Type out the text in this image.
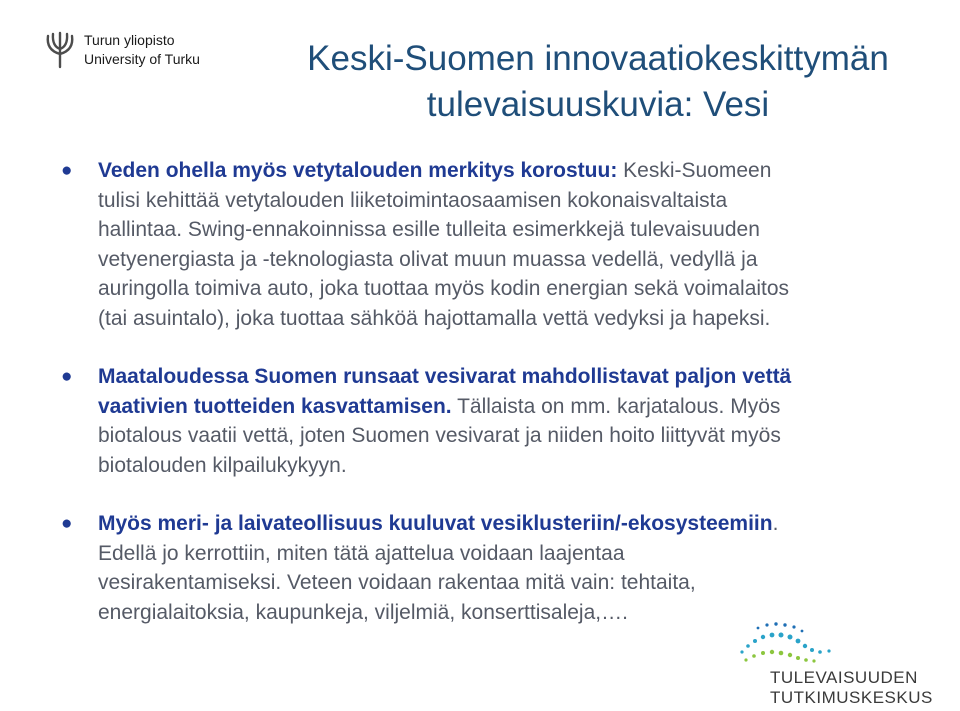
Turun yliopisto
University of Turku	Keski-Suomen innovaatiokeskittymän
tulevaisuuskuvia: Vesi
● Veden ohella myös vetytalouden merkitys korostuu: Keski-Suomeen
tulisi kehittää vetytalouden liiketoimintaosaamisen kokonaisvaltaista
hallintaa. Swing-ennakoinnissa esille tulleita esimerkkejä tulevaisuuden
vetyenergiasta ja -teknologiasta olivat muun muassa vedellä, vedyllä ja
auringolla toimiva auto, joka tuottaa myös kodin energian sekä voimalaitos
(tai asuintalo), joka tuottaa sähköä hajottamalla vettä vedyksi ja hapeksi.
● Maataloudessa Suomen runsaat vesivarat mahdollistavat paljon vettä
vaativien tuotteiden kasvattamisen. Tällaista on mm. karjatalous. Myös
biotalous vaatii vettä, joten Suomen vesivarat ja niiden hoito liittyvät myös
biotalouden kilpailukykyyn.
● Myös meri- ja laivateollisuus kuuluvat vesiklusteriin/-ekosysteemiin.
Edellä jo kerrottiin, miten tätä ajattelua voidaan laajentaa
vesirakentamiseksi. Veteen voidaan rakentaa mitä vain: tehtaita,
energialaitoksia, kaupunkeja, viljelmiä, konserttisaleja,….
TULEVAISUUDEN
TUTKIMUSKESKUS
